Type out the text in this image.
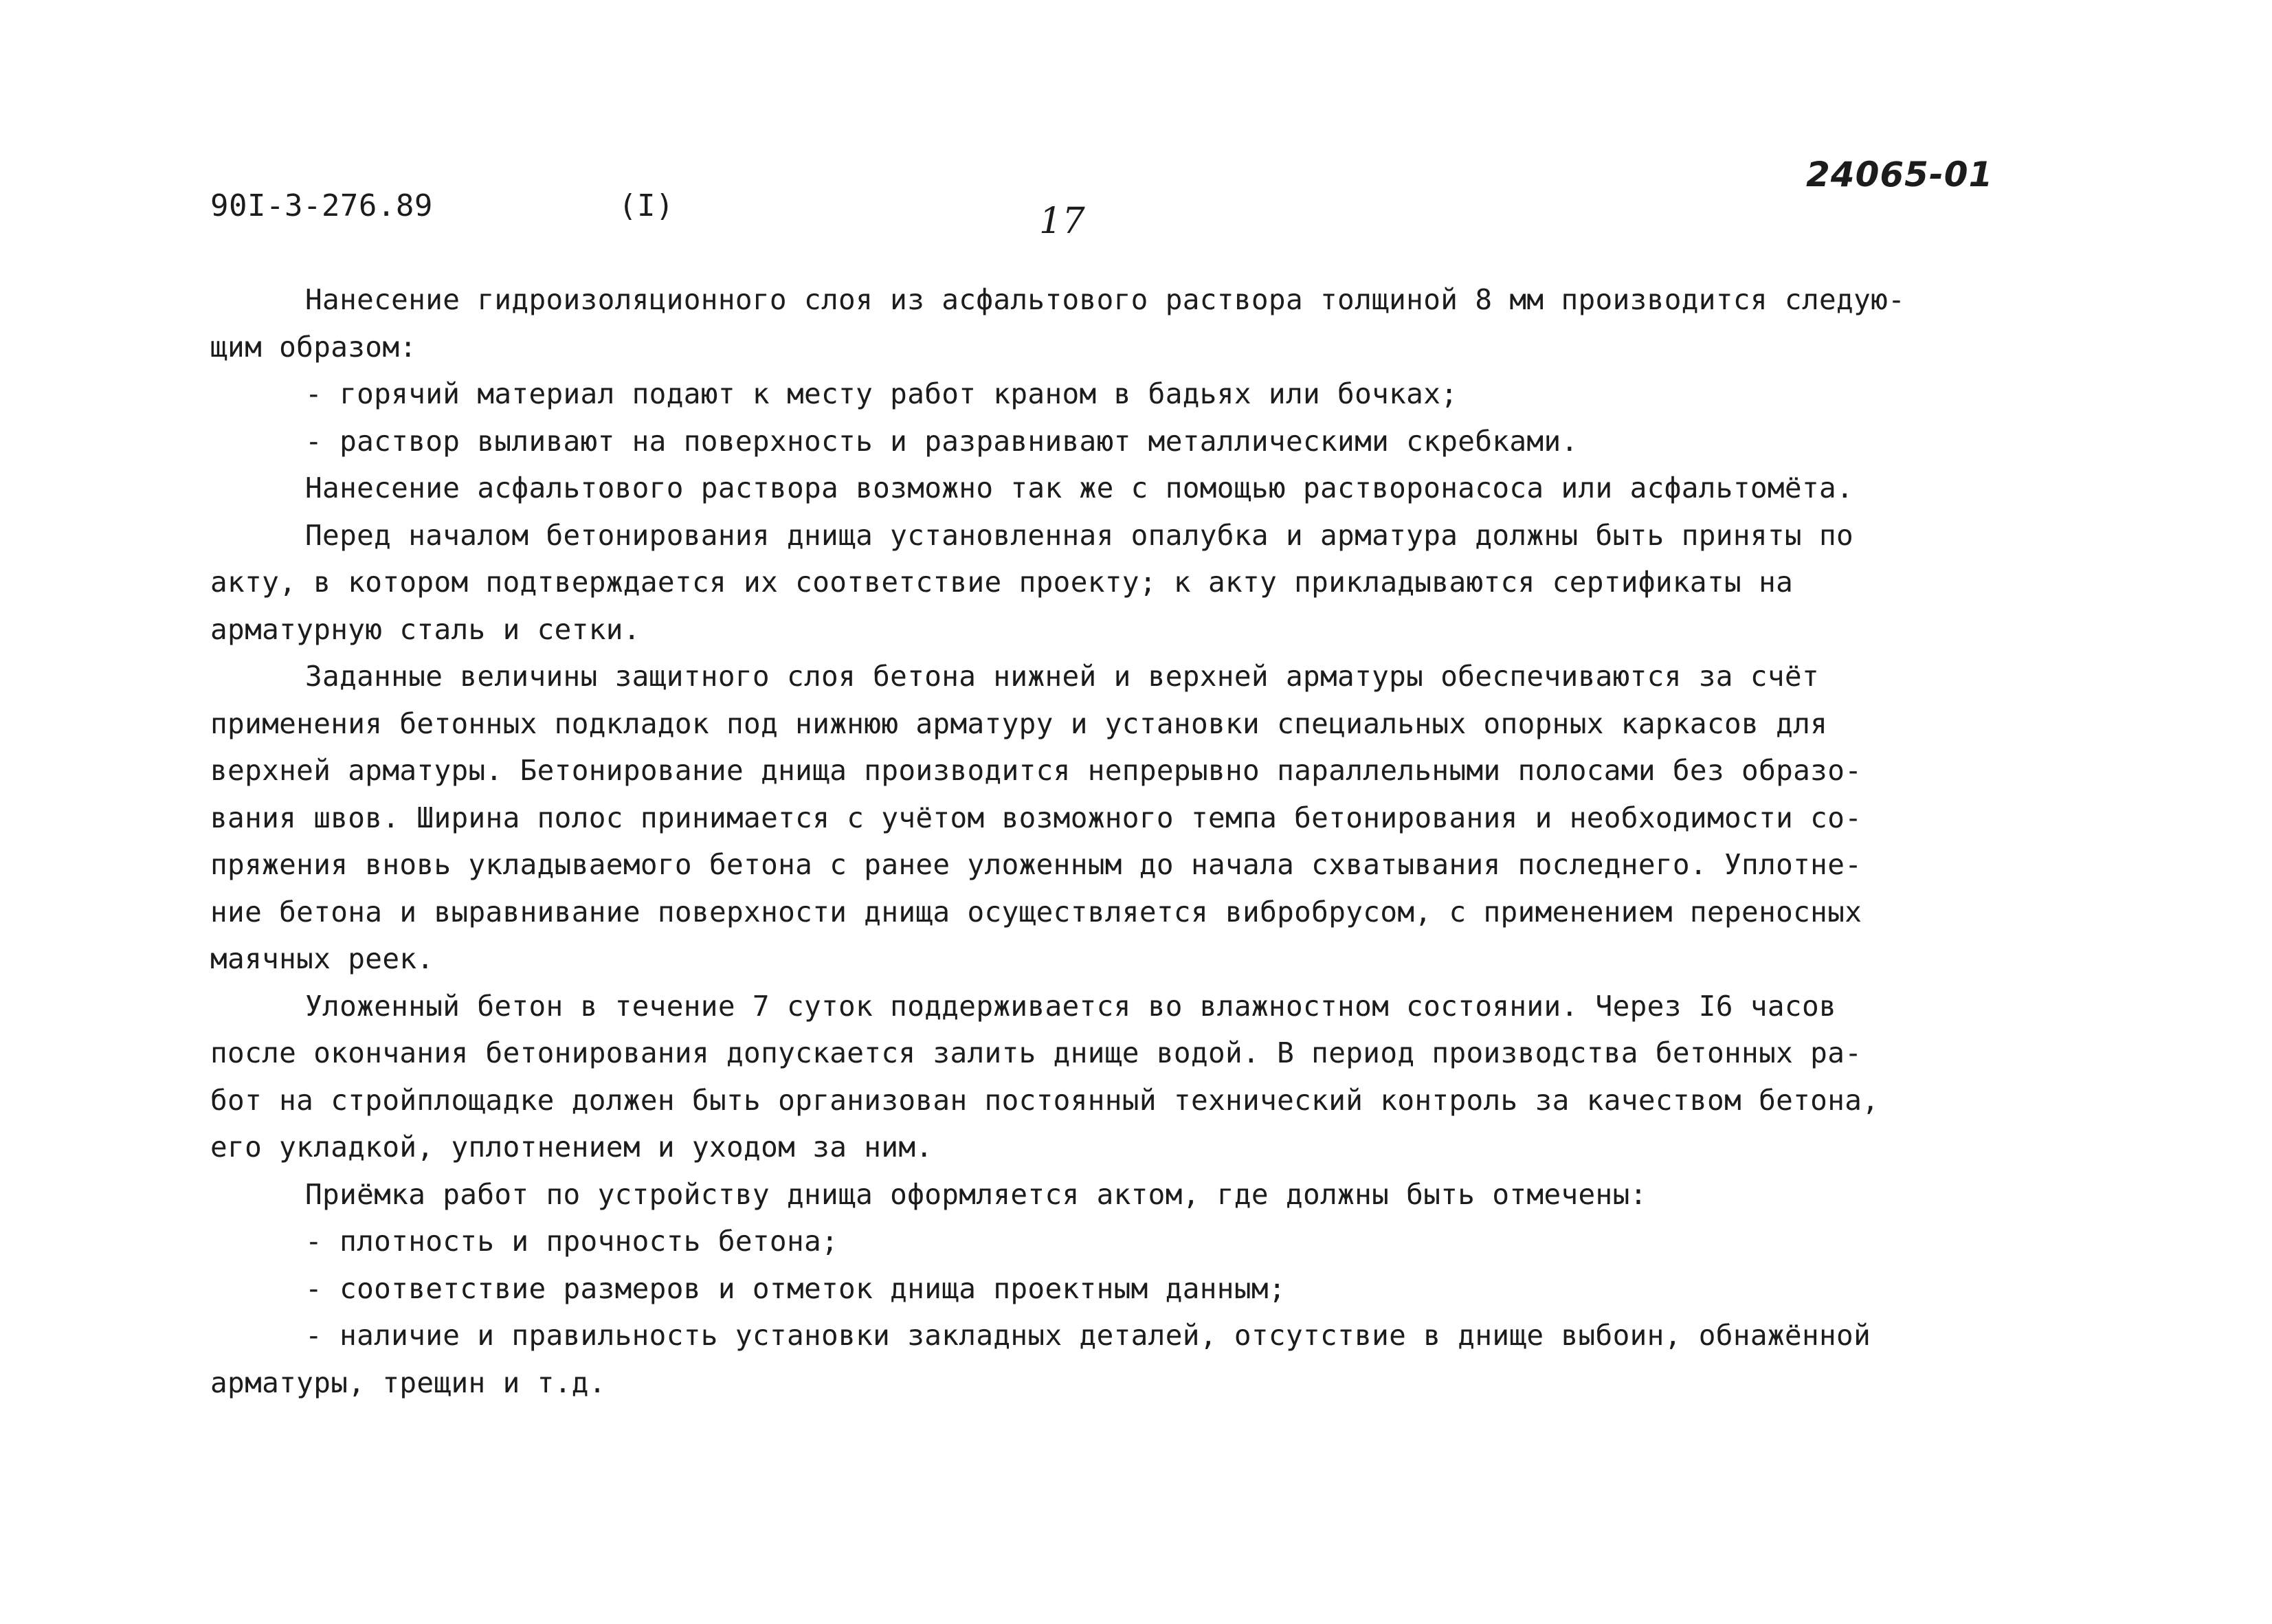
90I-3-276.89	(I)	17
24065-01
Нанесение гидроизоляционного слоя из асфальтового раствора толщиной 8 мм производится следую-
щим образом:
- горячий материал подают к месту работ краном в бадьях или бочках;
- раствор выливают на поверхность и разравнивают металлическими скребками.
Нанесение асфальтового раствора возможно так же с помощью растворонасоса или асфальтомёта.
Перед началом бетонирования днища установленная опалубка и арматура должны быть приняты по
акту, в котором подтверждается их соответствие проекту; к акту прикладываются сертификаты на
арматурную сталь и сетки.
Заданные величины защитного слоя бетона нижней и верхней арматуры обеспечиваются за счёт
применения бетонных подкладок под нижнюю арматуру и установки специальных опорных каркасов для
верхней арматуры. Бетонирование днища производится непрерывно параллельными полосами без образо-
вания швов. Ширина полос принимается с учётом возможного темпа бетонирования и необходимости со-
пряжения вновь укладываемого бетона с ранее уложенным до начала схватывания последнего. Уплотне-
ние бетона и выравнивание поверхности днища осуществляется вибробрусом, с применением переносных
маячных реек.
Уложенный бетон в течение 7 суток поддерживается во влажностном состоянии. Через I6 часов
после окончания бетонирования допускается залить днище водой. В период производства бетонных ра-
бот на стройплощадке должен быть организован постоянный технический контроль за качеством бетона,
его укладкой, уплотнением и уходом за ним.
Приёмка работ по устройству днища оформляется актом, где должны быть отмечены:
- плотность и прочность бетона;
- соответствие размеров и отметок днища проектным данным;
- наличие и правильность установки закладных деталей, отсутствие в днище выбоин, обнажённой
арматуры, трещин и т.д.
